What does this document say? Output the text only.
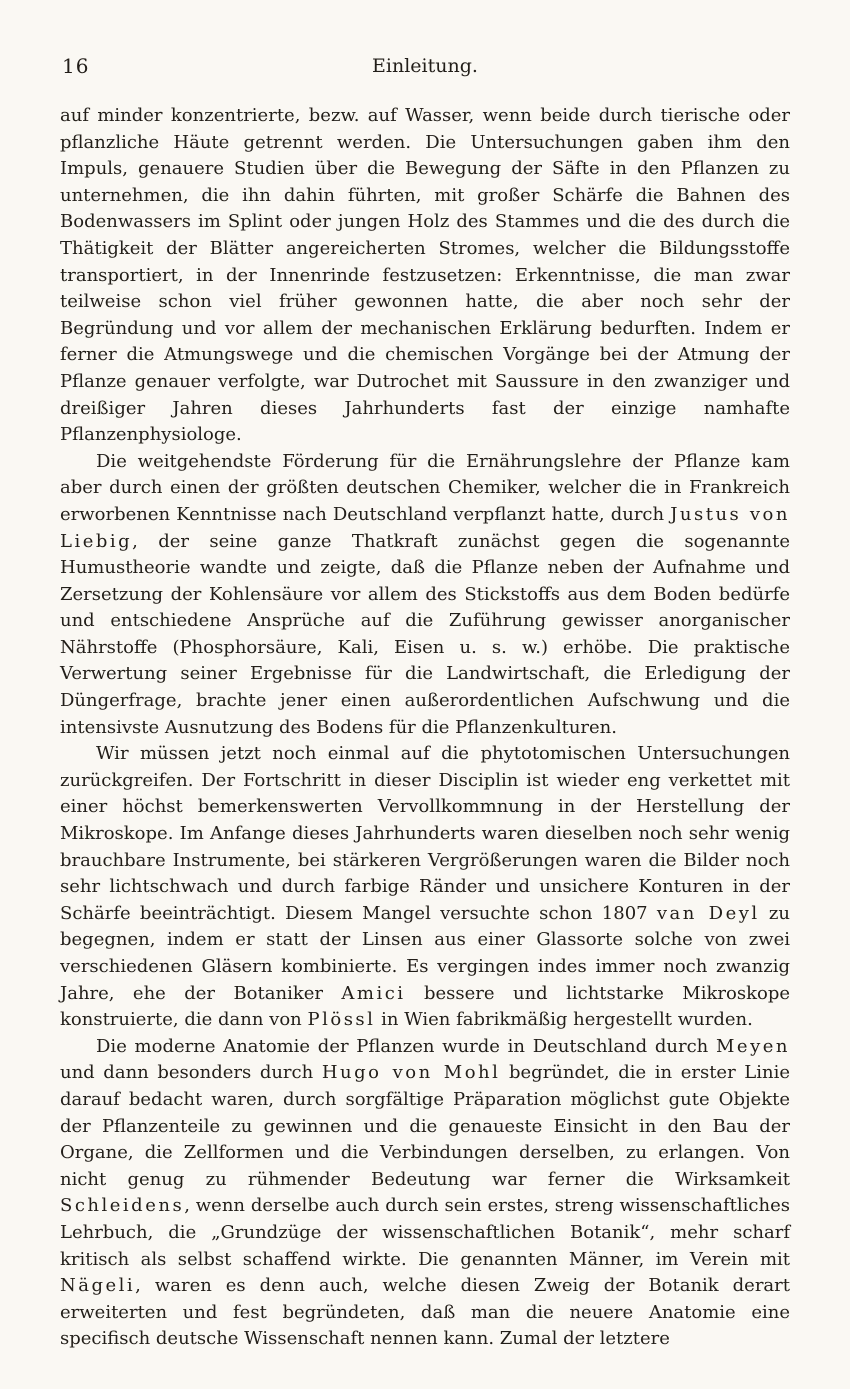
16	Einleitung.

auf minder konzentrierte, bezw. auf Wasser, wenn beide durch tierische oder pflanzliche Häute getrennt werden. Die Untersuchungen gaben ihm den Impuls, genauere Studien über die Bewegung der Säfte in den Pflanzen zu unternehmen, die ihn dahin führten, mit großer Schärfe die Bahnen des Bodenwassers im Splint oder jungen Holz des Stammes und die des durch die Thätigkeit der Blätter angereicherten Stromes, welcher die Bildungsstoffe transportiert, in der Innenrinde festzusetzen: Erkenntnisse, die man zwar teilweise schon viel früher gewonnen hatte, die aber noch sehr der Begründung und vor allem der mechanischen Erklärung bedurften. Indem er ferner die Atmungswege und die chemischen Vorgänge bei der Atmung der Pflanze genauer verfolgte, war Dutrochet mit Saussure in den zwanziger und dreißiger Jahren dieses Jahrhunderts fast der einzige namhafte Pflanzenphysiologe.

Die weitgehendste Förderung für die Ernährungslehre der Pflanze kam aber durch einen der größten deutschen Chemiker, welcher die in Frankreich erworbenen Kenntnisse nach Deutschland verpflanzt hatte, durch Justus von Liebig, der seine ganze Thatkraft zunächst gegen die sogenannte Humustheorie wandte und zeigte, daß die Pflanze neben der Aufnahme und Zersetzung der Kohlensäure vor allem des Stickstoffs aus dem Boden bedürfe und entschiedene Ansprüche auf die Zuführung gewisser anorganischer Nährstoffe (Phosphorsäure, Kali, Eisen u. s. w.) erhöbe. Die praktische Verwertung seiner Ergebnisse für die Landwirtschaft, die Erledigung der Düngerfrage, brachte jener einen außerordentlichen Aufschwung und die intensivste Ausnutzung des Bodens für die Pflanzenkulturen.

Wir müssen jetzt noch einmal auf die phytotomischen Untersuchungen zurückgreifen. Der Fortschritt in dieser Disciplin ist wieder eng verkettet mit einer höchst bemerkenswerten Vervollkommnung in der Herstellung der Mikroskope. Im Anfange dieses Jahrhunderts waren dieselben noch sehr wenig brauchbare Instrumente, bei stärkeren Vergrößerungen waren die Bilder noch sehr lichtschwach und durch farbige Ränder und unsichere Konturen in der Schärfe beeinträchtigt. Diesem Mangel versuchte schon 1807 van Deyl zu begegnen, indem er statt der Linsen aus einer Glassorte solche von zwei verschiedenen Gläsern kombinierte. Es vergingen indes immer noch zwanzig Jahre, ehe der Botaniker Amici bessere und lichtstarke Mikroskope konstruierte, die dann von Plössl in Wien fabrikmäßig hergestellt wurden.

Die moderne Anatomie der Pflanzen wurde in Deutschland durch Meyen und dann besonders durch Hugo von Mohl begründet, die in erster Linie darauf bedacht waren, durch sorgfältige Präparation möglichst gute Objekte der Pflanzenteile zu gewinnen und die genaueste Einsicht in den Bau der Organe, die Zellformen und die Verbindungen derselben, zu erlangen. Von nicht genug zu rühmender Bedeutung war ferner die Wirksamkeit Schleidens, wenn derselbe auch durch sein erstes, streng wissenschaftliches Lehrbuch, die „Grundzüge der wissenschaftlichen Botanik“, mehr scharf kritisch als selbst schaffend wirkte. Die genannten Männer, im Verein mit Nägeli, waren es denn auch, welche diesen Zweig der Botanik derart erweiterten und fest begründeten, daß man die neuere Anatomie eine specifisch deutsche Wissenschaft nennen kann. Zumal der letztere
